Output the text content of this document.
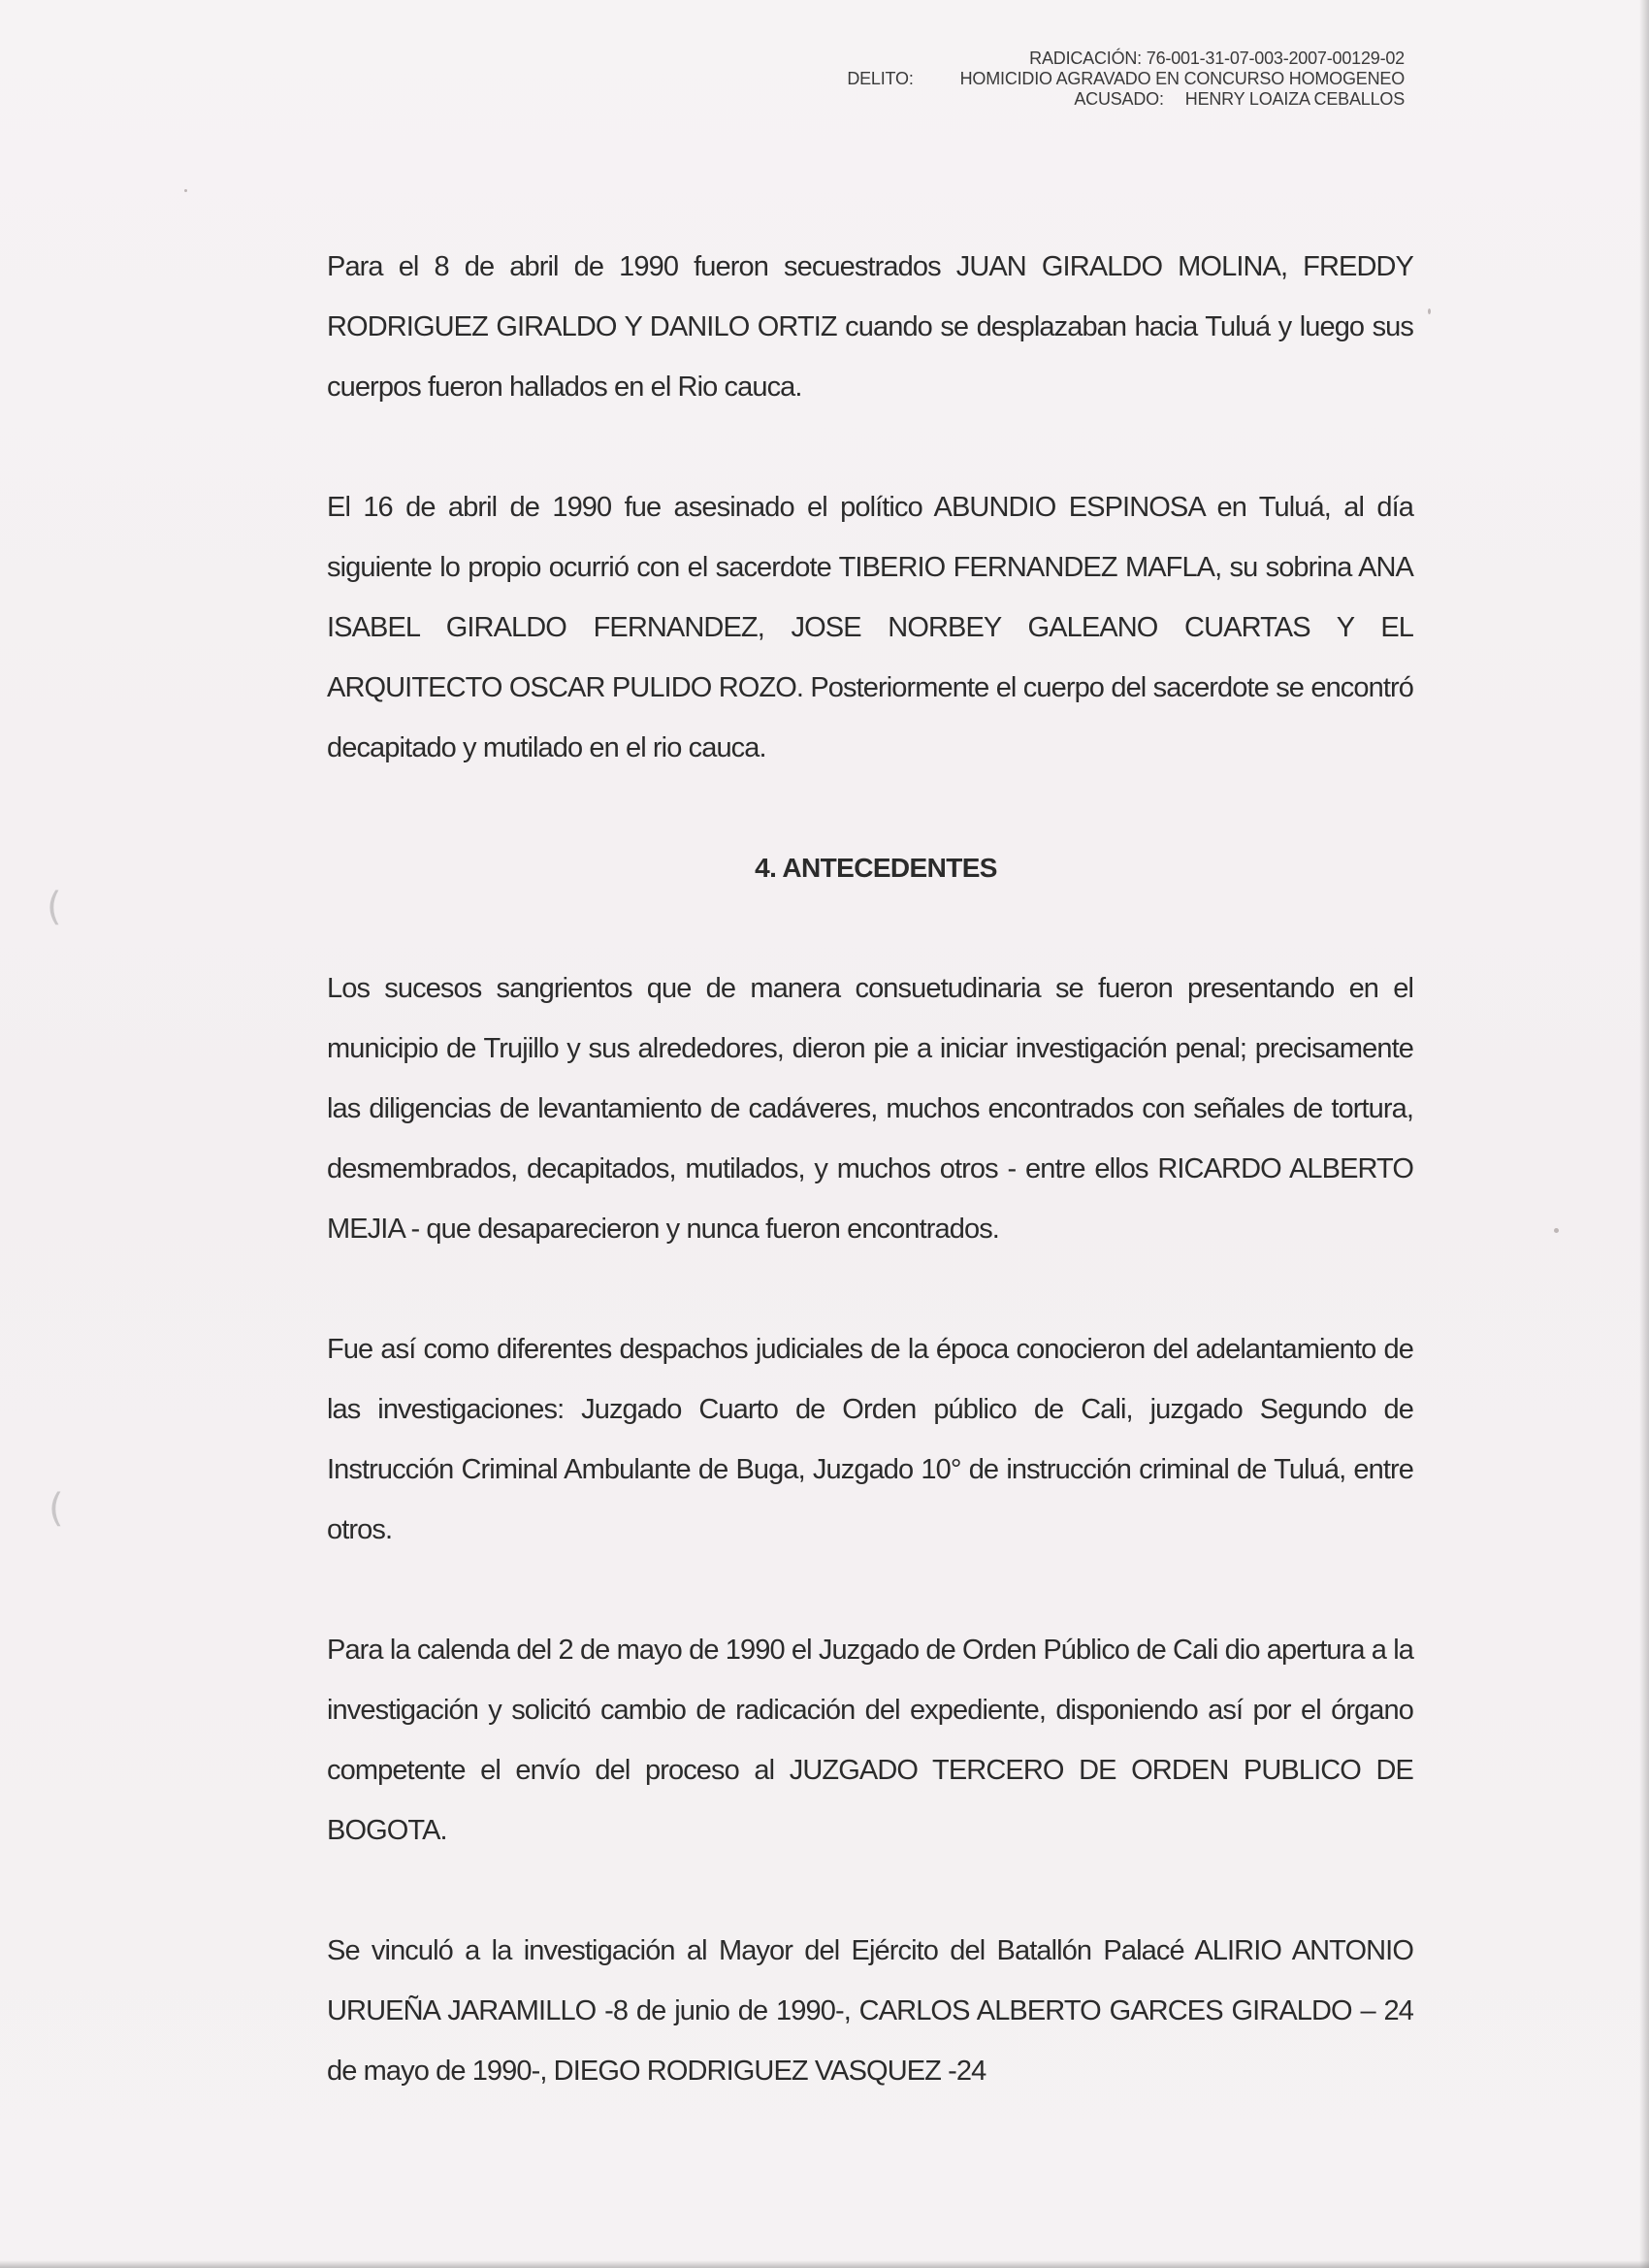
RADICACIÓN: 76-001-31-07-003-2007-00129-02
DELITO:	HOMICIDIO AGRAVADO EN CONCURSO HOMOGENEO
ACUSADO: HENRY LOAIZA CEBALLOS

Para el 8 de abril de 1990 fueron secuestrados JUAN GIRALDO MOLINA, FREDDY RODRIGUEZ GIRALDO Y DANILO ORTIZ cuando se desplazaban hacia Tuluá y luego sus cuerpos fueron hallados en el Rio cauca.

El 16 de abril de 1990 fue asesinado el político ABUNDIO ESPINOSA en Tuluá, al día siguiente lo propio ocurrió con el sacerdote TIBERIO FERNANDEZ MAFLA, su sobrina ANA ISABEL GIRALDO FERNANDEZ, JOSE NORBEY GALEANO CUARTAS Y EL ARQUITECTO OSCAR PULIDO ROZO. Posteriormente el cuerpo del sacerdote se encontró decapitado y mutilado en el rio cauca.

4. ANTECEDENTES

Los sucesos sangrientos que de manera consuetudinaria se fueron presentando en el municipio de Trujillo y sus alrededores, dieron pie a iniciar investigación penal; precisamente las diligencias de levantamiento de cadáveres, muchos encontrados con señales de tortura, desmembrados, decapitados, mutilados, y muchos otros - entre ellos RICARDO ALBERTO MEJIA - que desaparecieron y nunca fueron encontrados.

Fue así como diferentes despachos judiciales de la época conocieron del adelantamiento de las investigaciones: Juzgado Cuarto de Orden público de Cali, juzgado Segundo de Instrucción Criminal Ambulante de Buga, Juzgado 10° de instrucción criminal de Tuluá, entre otros.

Para la calenda del 2 de mayo de 1990 el Juzgado de Orden Público de Cali dio apertura a la investigación y solicitó cambio de radicación del expediente, disponiendo así por el órgano competente el envío del proceso al JUZGADO TERCERO DE ORDEN PUBLICO DE BOGOTA.

Se vinculó a la investigación al Mayor del Ejército del Batallón Palacé ALIRIO ANTONIO URUEÑA JARAMILLO -8 de junio de 1990-, CARLOS ALBERTO GARCES GIRALDO – 24 de mayo de 1990-, DIEGO RODRIGUEZ VASQUEZ -24

(
(
